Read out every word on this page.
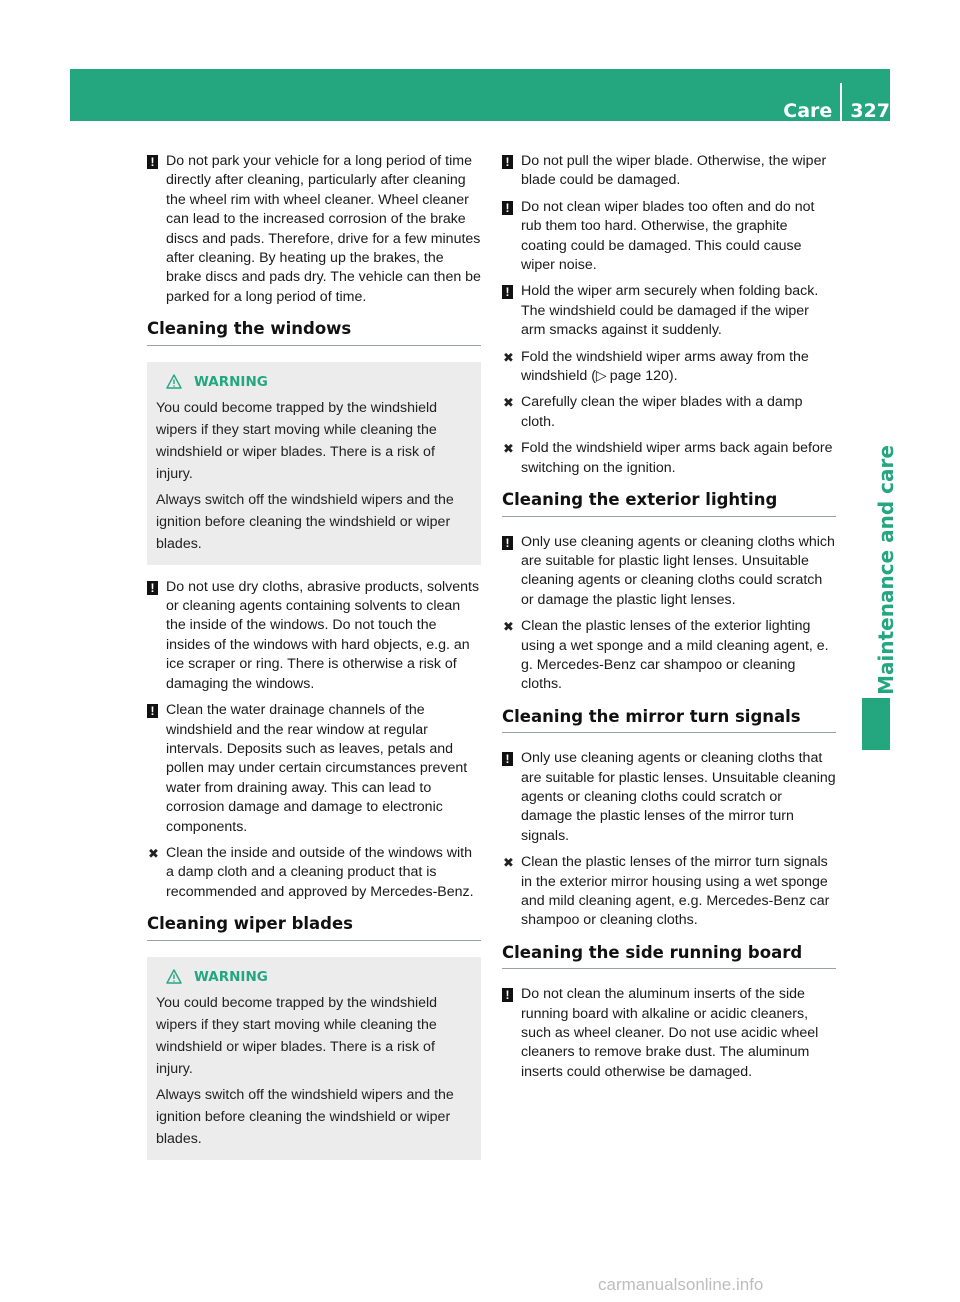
Care 327
Maintenance and care
! Do not park your vehicle for a long period of time directly after cleaning, particularly after cleaning the wheel rim with wheel cleaner. Wheel cleaner can lead to the increased corrosion of the brake discs and pads. Therefore, drive for a few minutes after cleaning. By heating up the brakes, the brake discs and pads dry. The vehicle can then be parked for a long period of time.
Cleaning the windows
WARNING

You could become trapped by the windshield wipers if they start moving while cleaning the windshield or wiper blades. There is a risk of injury.

Always switch off the windshield wipers and the ignition before cleaning the windshield or wiper blades.

! Do not use dry cloths, abrasive products, solvents or cleaning agents containing solvents to clean the inside of the windows. Do not touch the insides of the windows with hard objects, e.g. an ice scraper or ring. There is otherwise a risk of damaging the windows.
! Clean the water drainage channels of the windshield and the rear window at regular intervals. Deposits such as leaves, petals and pollen may under certain circumstances prevent water from draining away. This can lead to corrosion damage and damage to electronic components.
✖ Clean the inside and outside of the windows with a damp cloth and a cleaning product that is recommended and approved by Mercedes-Benz.
Cleaning wiper blades
WARNING

You could become trapped by the windshield wipers if they start moving while cleaning the windshield or wiper blades. There is a risk of injury.

Always switch off the windshield wipers and the ignition before cleaning the windshield or wiper blades.

! Do not pull the wiper blade. Otherwise, the wiper blade could be damaged.
! Do not clean wiper blades too often and do not rub them too hard. Otherwise, the graphite coating could be damaged. This could cause wiper noise.
! Hold the wiper arm securely when folding back. The windshield could be damaged if the wiper arm smacks against it suddenly.
✖ Fold the windshield wiper arms away from the windshield (▷  page 120).
✖ Carefully clean the wiper blades with a damp cloth.
✖ Fold the windshield wiper arms back again before switching on the ignition.
Cleaning the exterior lighting
! Only use cleaning agents or cleaning cloths which are suitable for plastic light lenses. Unsuitable cleaning agents or cleaning cloths could scratch or damage the plastic light lenses.
✖ Clean the plastic lenses of the exterior lighting using a wet sponge and a mild cleaning agent, e. g. Mercedes-Benz car shampoo or cleaning cloths.
Cleaning the mirror turn signals
! Only use cleaning agents or cleaning cloths that are suitable for plastic lenses. Unsuitable cleaning agents or cleaning cloths could scratch or damage the plastic lenses of the mirror turn signals.
✖ Clean the plastic lenses of the mirror turn signals in the exterior mirror housing using a wet sponge and mild cleaning agent, e.g. Mercedes-Benz car shampoo or cleaning cloths.
Cleaning the side running board
! Do not clean the aluminum inserts of the side running board with alkaline or acidic cleaners, such as wheel cleaner. Do not use acidic wheel cleaners to remove brake dust. The aluminum inserts could otherwise be damaged.
carmanualsonline.info
